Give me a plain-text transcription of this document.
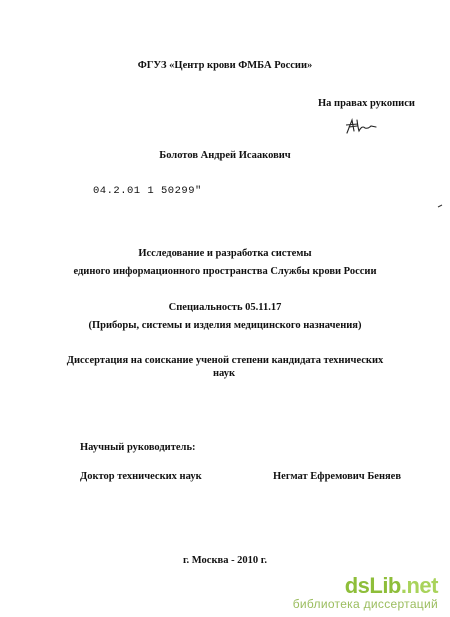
ФГУЗ «Центр крови ФМБА России»
На правах рукописи
Болотов Андрей Исаакович
04.2.01 1 50299"
Исследование и разработка системы
единого информационного пространства Службы крови России
Специальность 05.11.17
(Приборы, системы и изделия медицинского назначения)
Диссертация на соискание ученой степени кандидата технических
наук
Научный руководитель:
Доктор технических наук	Негмат Ефремович Беняев
г. Москва - 2010 г.
dsLib.net
библиотека диссертаций
